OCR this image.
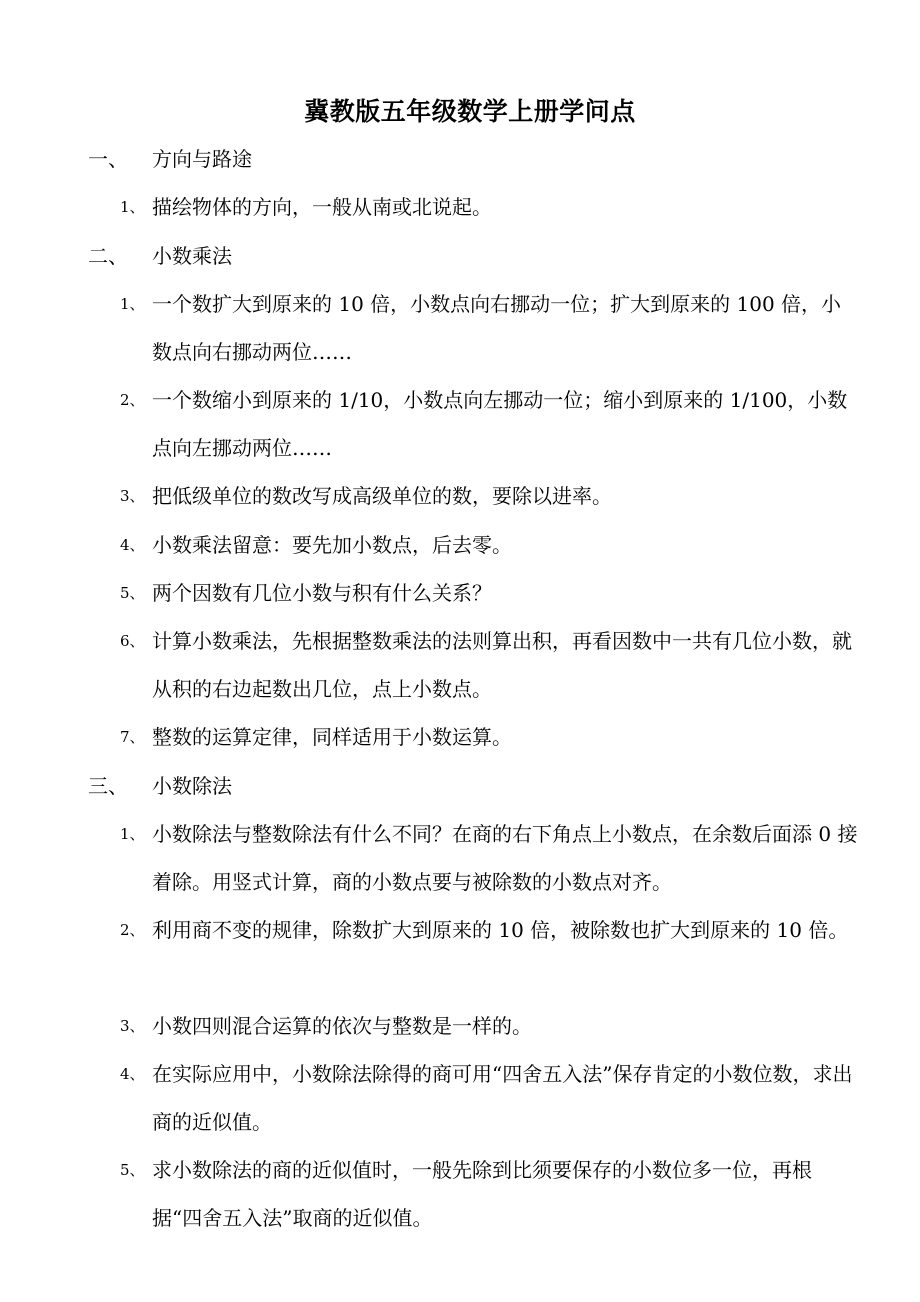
冀教版五年级数学上册学问点
一、 方向与路途
1、 描绘物体的方向，一般从南或北说起。

二、 小数乘法
1、 一个数扩大到原来的 10 倍，小数点向右挪动一位；扩大到原来的 100 倍，小数点向右挪动两位……

2、 一个数缩小到原来的 1/10，小数点向左挪动一位；缩小到原来的 1/100，小数点向左挪动两位……

3、 把低级单位的数改写成高级单位的数，要除以进率。

4、 小数乘法留意：要先加小数点，后去零。

5、 两个因数有几位小数与积有什么关系？

6、 计算小数乘法，先根据整数乘法的法则算出积，再看因数中一共有几位小数，就从积的右边起数出几位，点上小数点。

7、 整数的运算定律，同样适用于小数运算。

三、 小数除法
1、 小数除法与整数除法有什么不同？在商的右下角点上小数点，在余数后面添 0 接着除。用竖式计算，商的小数点要与被除数的小数点对齐。

2、 利用商不变的规律，除数扩大到原来的 10 倍，被除数也扩大到原来的 10 倍。

3、 小数四则混合运算的依次与整数是一样的。

4、 在实际应用中，小数除法除得的商可用“四舍五入法”保存肯定的小数位数，求出商的近似值。

5、 求小数除法的商的近似值时，一般先除到比须要保存的小数位多一位，再根据“四舍五入法”取商的近似值。
